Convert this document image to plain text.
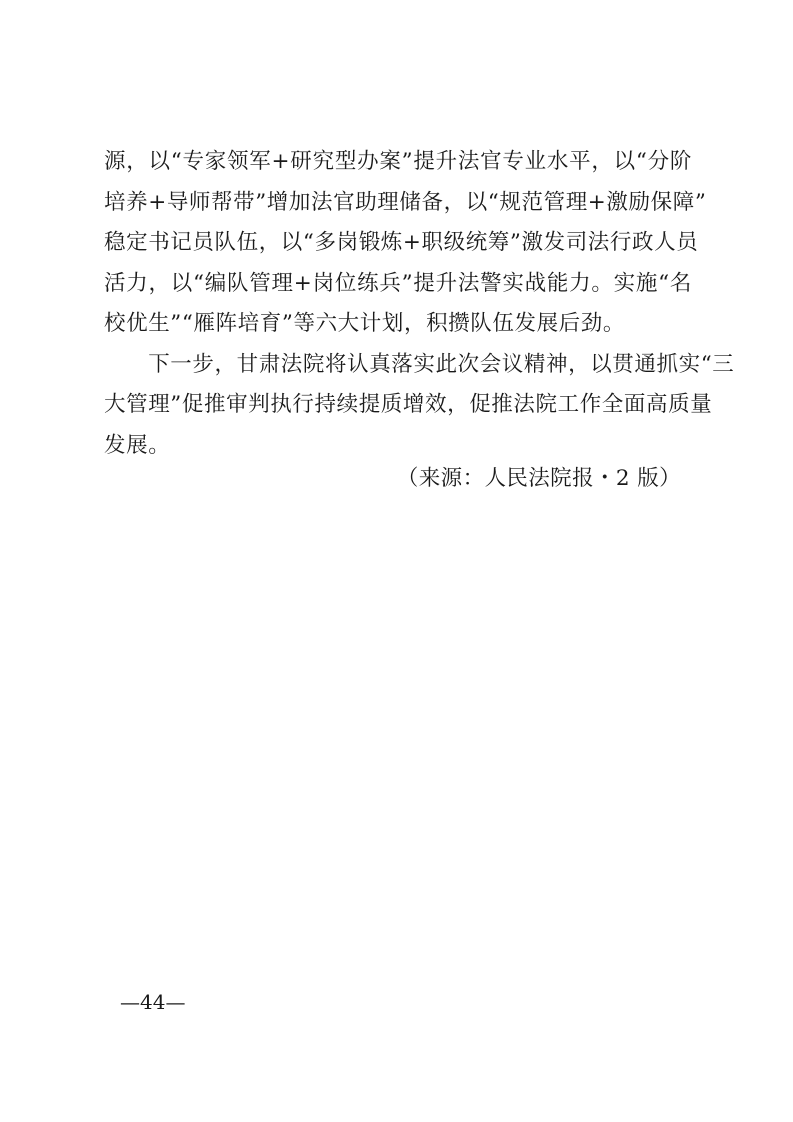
源，以“专家领军+研究型办案”提升法官专业水平，以“分阶
培养+导师帮带”增加法官助理储备，以“规范管理+激励保障”
稳定书记员队伍，以“多岗锻炼+职级统筹”激发司法行政人员
活力，以“编队管理+岗位练兵”提升法警实战能力。实施“名
校优生”“雁阵培育”等六大计划，积攒队伍发展后劲。
　　下一步，甘肃法院将认真落实此次会议精神，以贯通抓实“三
大管理”促推审判执行持续提质增效，促推法院工作全面高质量
发展。
（来源：人民法院报・2 版）
—44—
